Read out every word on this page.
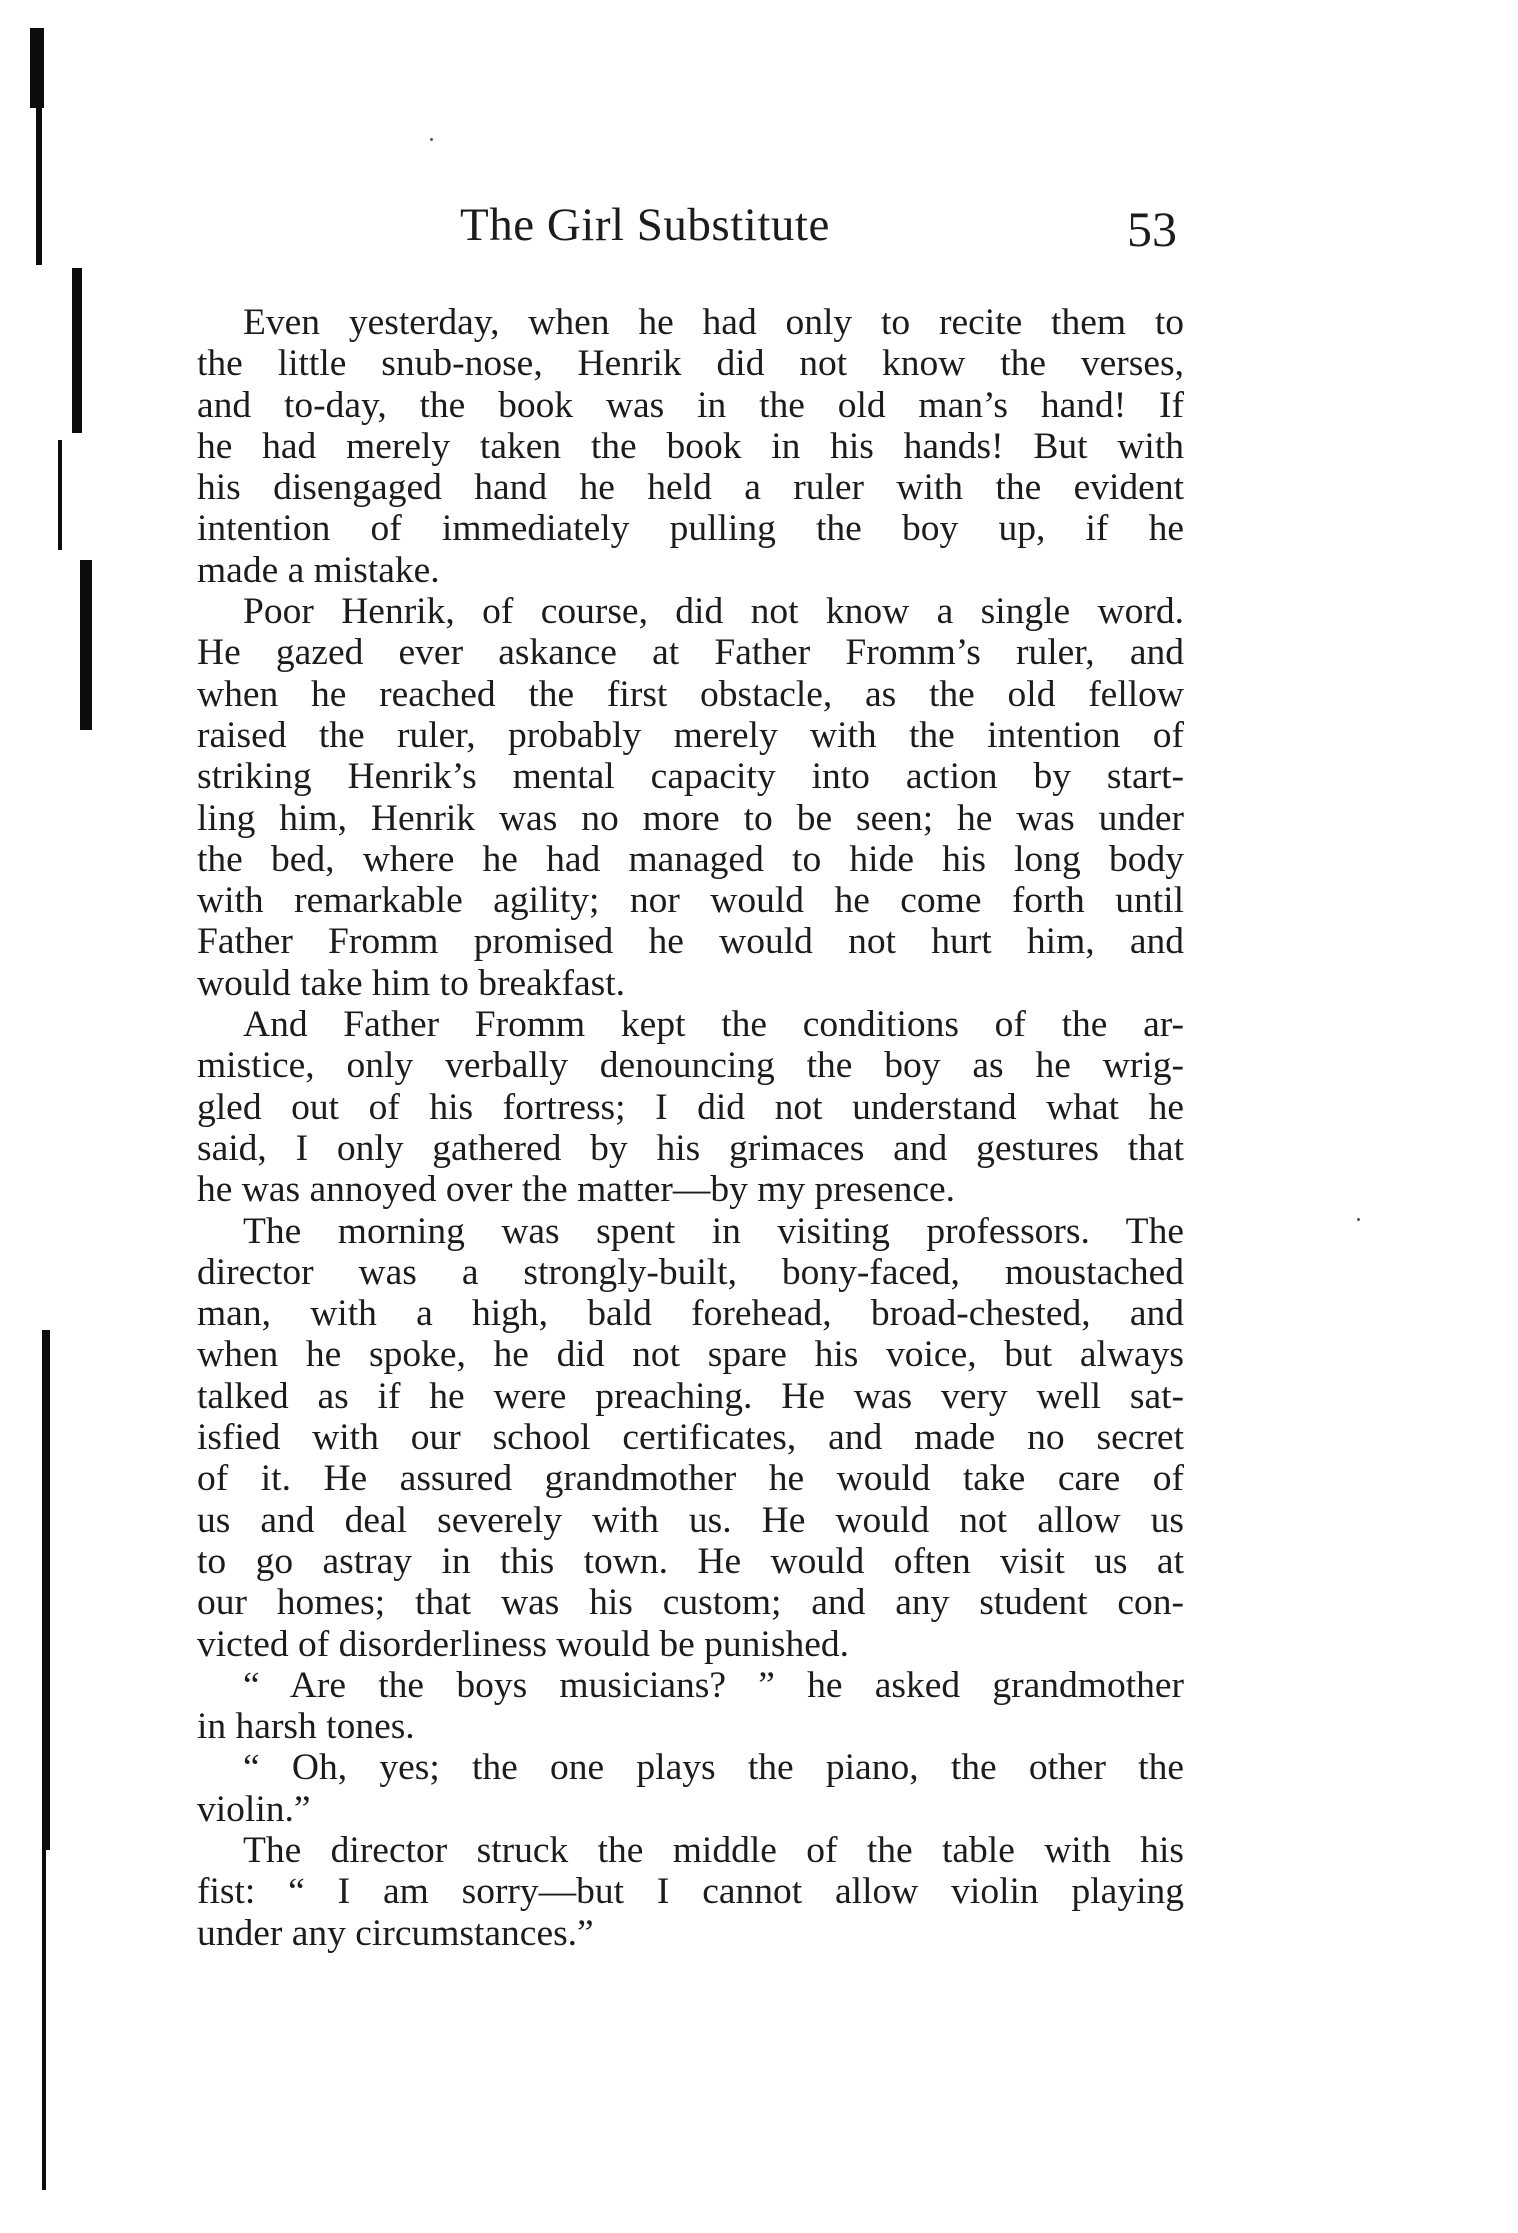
The Girl Substitute	53
Even yesterday, when he had only to recite them to
the little snub-nose, Henrik did not know the verses,
and to-day, the book was in the old man’s hand! If
he had merely taken the book in his hands! But with
his disengaged hand he held a ruler with the evident
intention of immediately pulling the boy up, if he
made a mistake.
Poor Henrik, of course, did not know a single word.
He gazed ever askance at Father Fromm’s ruler, and
when he reached the first obstacle, as the old fellow
raised the ruler, probably merely with the intention of
striking Henrik’s mental capacity into action by start-
ling him, Henrik was no more to be seen; he was under
the bed, where he had managed to hide his long body
with remarkable agility; nor would he come forth until
Father Fromm promised he would not hurt him, and
would take him to breakfast.
And Father Fromm kept the conditions of the ar-
mistice, only verbally denouncing the boy as he wrig-
gled out of his fortress; I did not understand what he
said, I only gathered by his grimaces and gestures that
he was annoyed over the matter—by my presence.
The morning was spent in visiting professors. The
director was a strongly-built, bony-faced, moustached
man, with a high, bald forehead, broad-chested, and
when he spoke, he did not spare his voice, but always
talked as if he were preaching. He was very well sat-
isfied with our school certificates, and made no secret
of it. He assured grandmother he would take care of
us and deal severely with us. He would not allow us
to go astray in this town. He would often visit us at
our homes; that was his custom; and any student con-
victed of disorderliness would be punished.
“ Are the boys musicians? ” he asked grandmother
in harsh tones.
“ Oh, yes; the one plays the piano, the other the
violin.”
The director struck the middle of the table with his
fist: “ I am sorry—but I cannot allow violin playing
under any circumstances.”
